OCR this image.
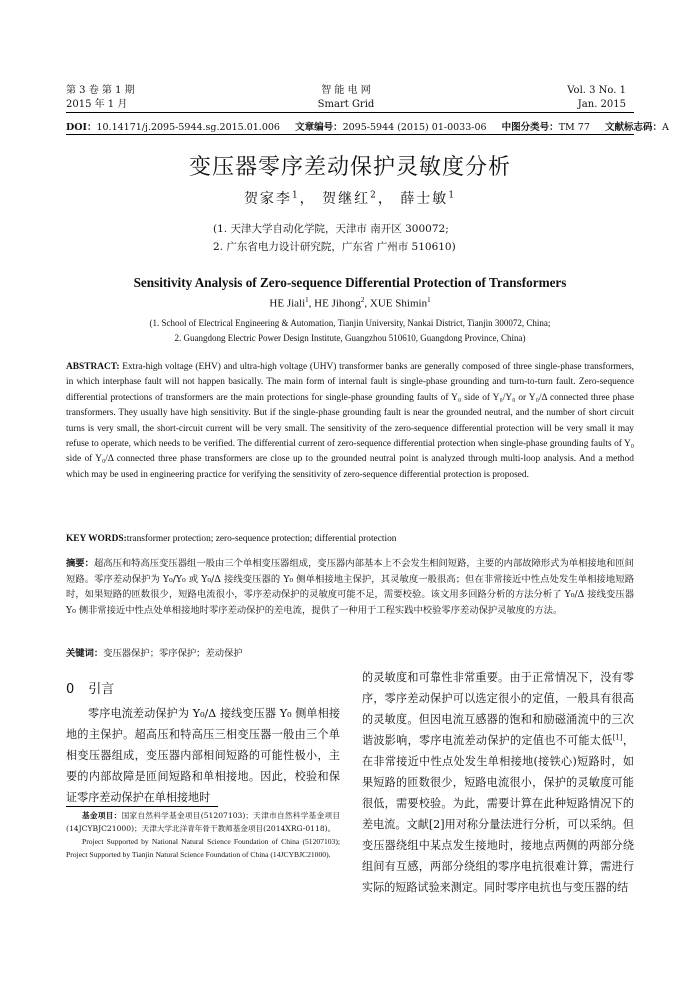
第 3 卷 第 1 期
2015 年 1 月
智 能 电 网
Smart Grid
Vol. 3 No. 1
Jan. 2015
DOI：10.14171/j.2095-5944.sg.2015.01.006 文章编号：2095-5944 (2015) 01-0033-06 中图分类号：TM 77 文献标志码：A
变压器零序差动保护灵敏度分析
贺家李$^1$， 贺继红$^2$， 薛士敏$^1$
(1. 天津大学自动化学院，天津市 南开区 300072;
2. 广东省电力设计研究院，广东省 广州市 510610)
Sensitivity Analysis of Zero-sequence Differential Protection of Transformers
HE Jiali$^1$, HE Jihong$^2$, XUE Shimin$^1$
(1. School of Electrical Engineering & Automation, Tianjin University, Nankai District, Tianjin 300072, China;
2. Guangdong Electric Power Design Institute, Guangzhou 510610, Guangdong Province, China)

ABSTRACT: Extra-high voltage (EHV) and ultra-high voltage (UHV) transformer banks are generally composed of three single-phase transformers, in which interphase fault will not happen basically. The main form of internal fault is single-phase grounding and turn-to-turn fault. Zero-sequence differential protections of transformers are the main protections for single-phase grounding faults of Y₀ side of Y₀/Y₀ or Y₀/Δ connected three phase transformers. They usually have high sensitivity. But if the single-phase grounding fault is near the grounded neutral, and the number of short circuit turns is very small, the short-circuit current will be very small. The sensitivity of the zero-sequence differential protection will be very small it may refuse to operate, which needs to be verified. The differential current of zero-sequence differential protection when single-phase grounding faults of Y₀ side of Y₀/Δ connected three phase transformers are close up to the grounded neutral point is analyzed through multi-loop analysis. And a method which may be used in engineering practice for verifying the sensitivity of zero-sequence differential protection is proposed.

KEY WORDS:transformer protection; zero-sequence protection; differential protection

摘要：超高压和特高压变压器组一般由三个单相变压器组成，变压器内部基本上不会发生相间短路，主要的内部故障形式为单相接地和匝间短路。零序差动保护为 Y₀/Y₀ 或 Y₀/Δ 接线变压器的 Y₀ 侧单相接地主保护，其灵敏度一般很高；但在非常接近中性点处发生单相接地短路时，如果短路的匝数很少，短路电流很小，零序差动保护的灵敏度可能不足，需要校验。该文用多回路分析的方法分析了 Y₀/Δ 接线变压器 Y₀ 侧非常接近中性点处单相接地时零序差动保护的差电流，提供了一种用于工程实践中校验零序差动保护灵敏度的方法。

关键词：变压器保护；零序保护；差动保护

0 引言

零序电流差动保护为 Y₀/Δ 接线变压器 Y₀ 侧单相接地的主保护。超高压和特高压三相变压器一般由三个单相变压器组成，变压器内部相间短路的可能性极小，主要的内部故障是匝间短路和单相接地。因此，校验和保证零序差动保护在单相接地时

的灵敏度和可靠性非常重要。由于正常情况下，没有零序，零序差动保护可以选定很小的定值，一般具有很高的灵敏度。但因电流互感器的饱和和励磁涌流中的三次谐波影响，零序电流差动保护的定值也不可能太低[1]，在非常接近中性点处发生单相接地(接铁心)短路时，如果短路的匝数很少，短路电流很小，保护的灵敏度可能很低，需要校验。为此，需要计算在此种短路情况下的差电流。文献[2]用对称分量法进行分析，可以采纳。但变压器绕组中某点发生接地时，接地点两侧的两部分绕组间有互感，两部分绕组的零序电抗很难计算，需进行实际的短路试验来测定。同时零序电抗也与变压器的结

基金项目：国家自然科学基金项目(51207103)；天津市自然科学基金项目(14JCYBJC21000)；天津大学北洋青年骨干教师基金项目(2014XRG-0118)。

Project Supported by National Natural Science Foundation of China (51207103); Project Supported by Tianjin Natural Science Foundation of China (14JCYBJC21000).
